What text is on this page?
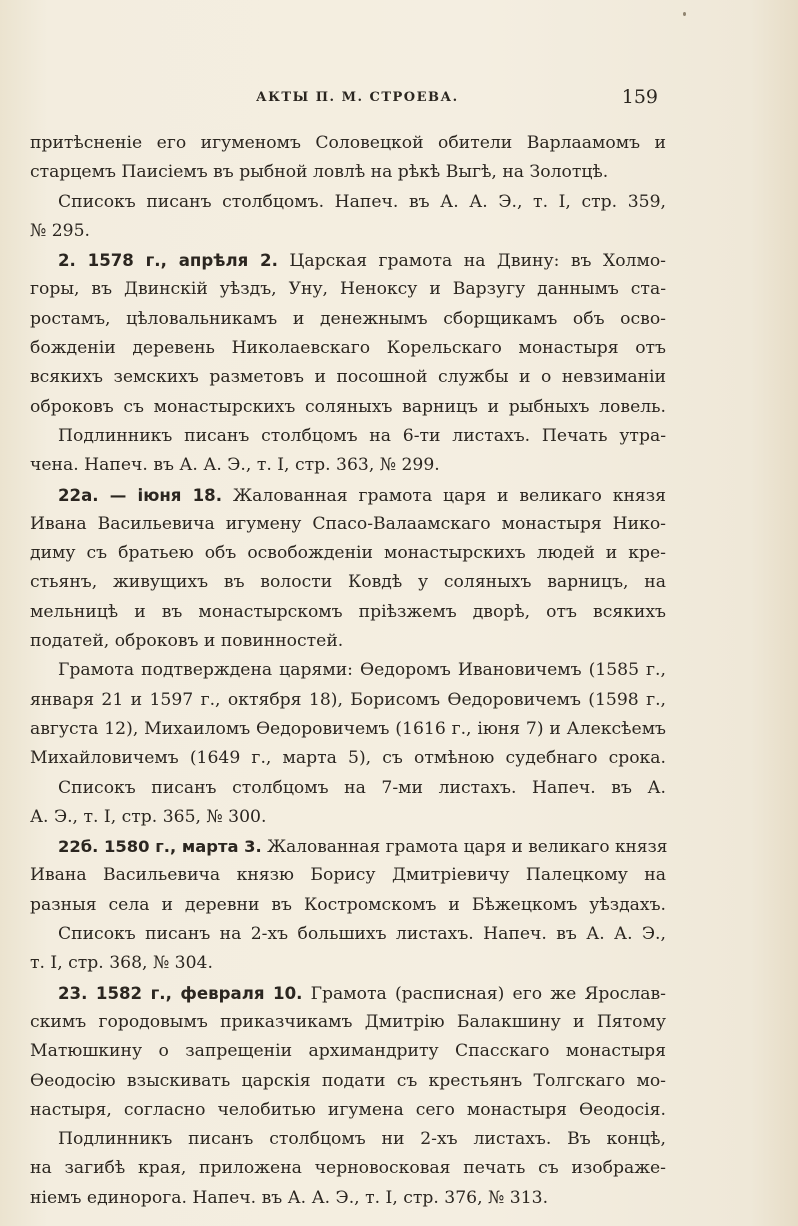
АКТЫ П. М. СТРОЕВА.	159
притѣсненіе его игуменомъ Соловецкой обители Варлаамомъ и
старцемъ Паисіемъ въ рыбной ловлѣ на рѣкѣ Выгѣ, на Золотцѣ.
Списокъ писанъ столбцомъ. Напеч. въ А. А. Э., т. I, стр. 359,
№ 295.
2. 1578 г., апрѣля 2. Царская грамота на Двину: въ Холмо-
горы, въ Двинскій уѣздъ, Уну, Неноксу и Варзугу даннымъ ста-
ростамъ, цѣловальникамъ и денежнымъ сборщикамъ объ осво-
божденіи деревень Николаевскаго Корельскаго монастыря отъ
всякихъ земскихъ разметовъ и посошной службы и о невзиманіи
оброковъ съ монастырскихъ соляныхъ варницъ и рыбныхъ ловель.
Подлинникъ писанъ столбцомъ на 6-ти листахъ. Печать утра-
чена. Напеч. въ А. А. Э., т. I, стр. 363, № 299.
22а. — іюня 18. Жалованная грамота царя и великаго князя
Ивана Васильевича игумену Спасо-Валаамскаго монастыря Нико-
диму съ братьею объ освобожденіи монастырскихъ людей и кре-
стьянъ, живущихъ въ волости Ковдѣ у соляныхъ варницъ, на
мельницѣ и въ монастырскомъ пріѣзжемъ дворѣ, отъ всякихъ
податей, оброковъ и повинностей.
Грамота подтверждена царями: Ѳедоромъ Ивановичемъ (1585 г.,
января 21 и 1597 г., октября 18), Борисомъ Ѳедоровичемъ (1598 г.,
августа 12), Михаиломъ Ѳедоровичемъ (1616 г., іюня 7) и Алексѣемъ
Михайловичемъ (1649 г., марта 5), съ отмѣною судебнаго срока.
Списокъ писанъ столбцомъ на 7-ми листахъ. Напеч. въ А.
А. Э., т. I, стр. 365, № 300.
22б. 1580 г., марта 3. Жалованная грамота царя и великаго князя
Ивана Васильевича князю Борису Дмитріевичу Палецкому на
разныя села и деревни въ Костромскомъ и Бѣжецкомъ уѣздахъ.
Списокъ писанъ на 2-хъ большихъ листахъ. Напеч. въ А. А. Э.,
т. I, стр. 368, № 304.
23. 1582 г., февраля 10. Грамота (расписная) его же Ярослав-
скимъ городовымъ приказчикамъ Дмитрію Балакшину и Пятому
Матюшкину о запрещеніи архимандриту Спасскаго монастыря
Ѳеодосію взыскивать царскія подати съ крестьянъ Толгскаго мо-
настыря, согласно челобитью игумена сего монастыря Ѳеодосія.
Подлинникъ писанъ столбцомъ ни 2-хъ листахъ. Въ концѣ,
на загибѣ края, приложена черновосковая печать съ изображе-
ніемъ единорога. Напеч. въ А. А. Э., т. I, стр. 376, № 313.
